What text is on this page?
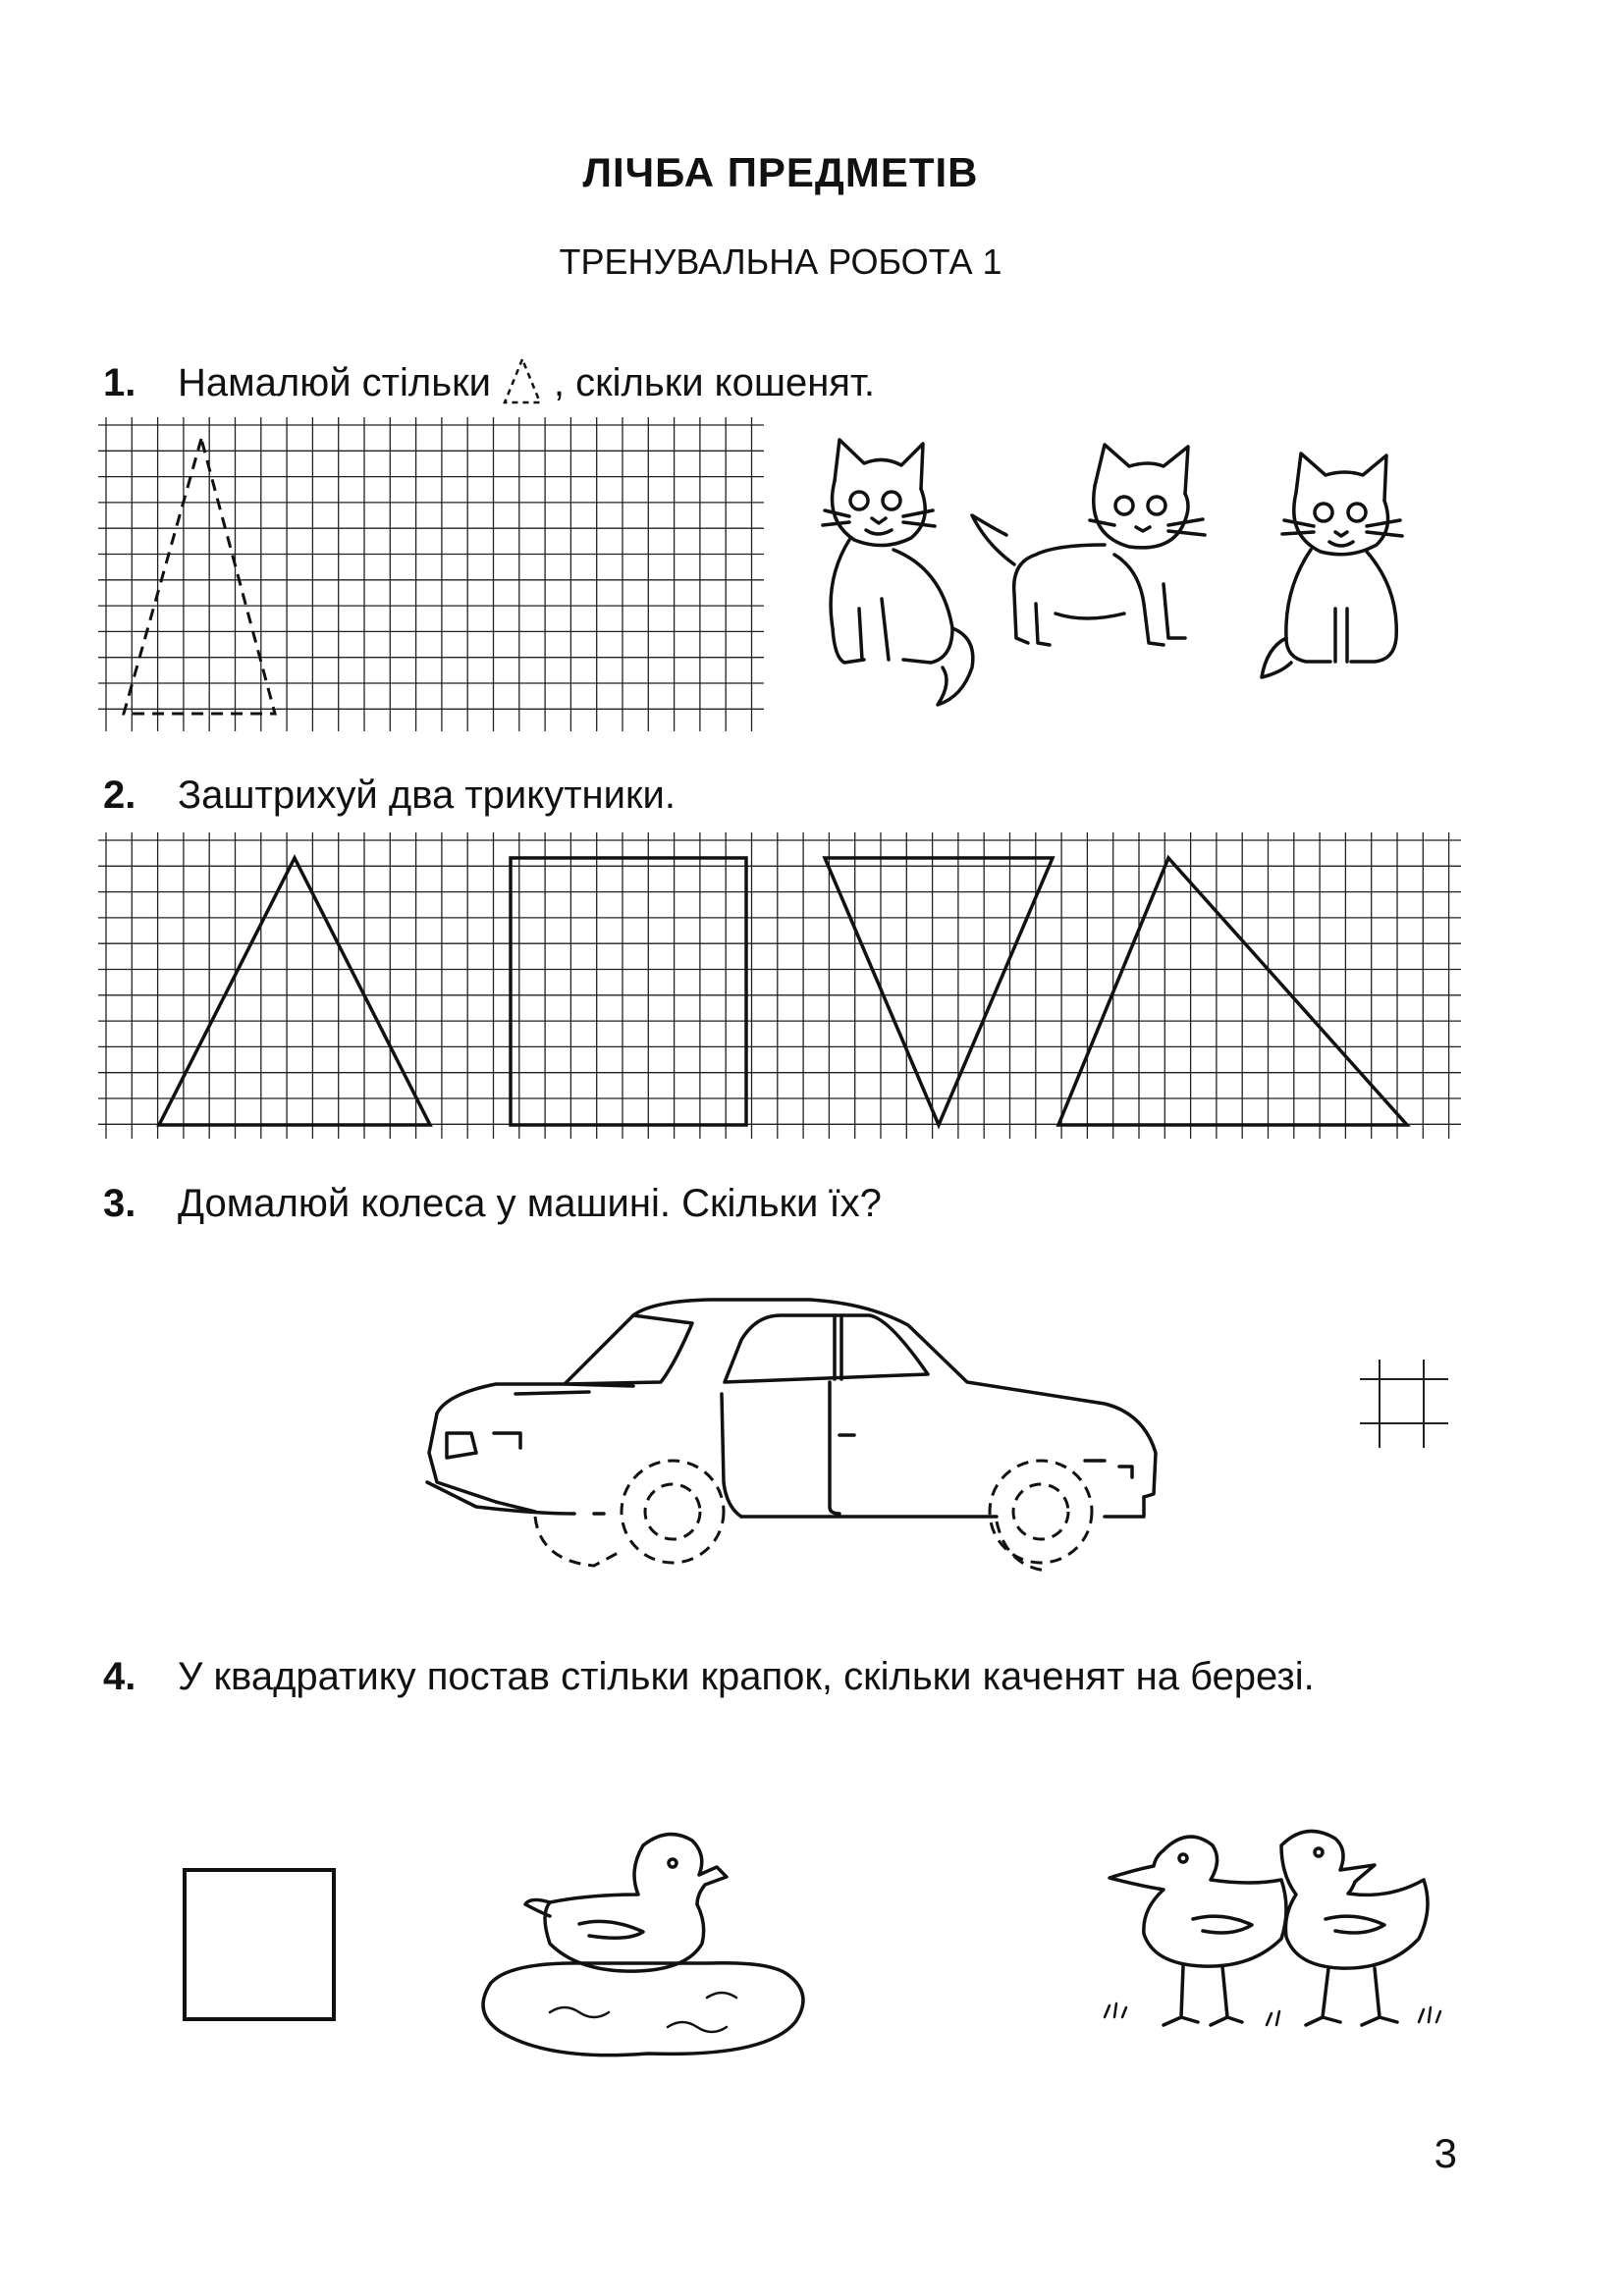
ЛІЧБА ПРЕДМЕТІВ
ТРЕНУВАЛЬНА РОБОТА 1
1. Намалюй стільки , скільки кошенят.
2. Заштрихуй два трикутники.
3. Домалюй колеса у машині. Скільки їх?
4.	У квадратику постав стільки крапок, скільки каченят на березі.
3
